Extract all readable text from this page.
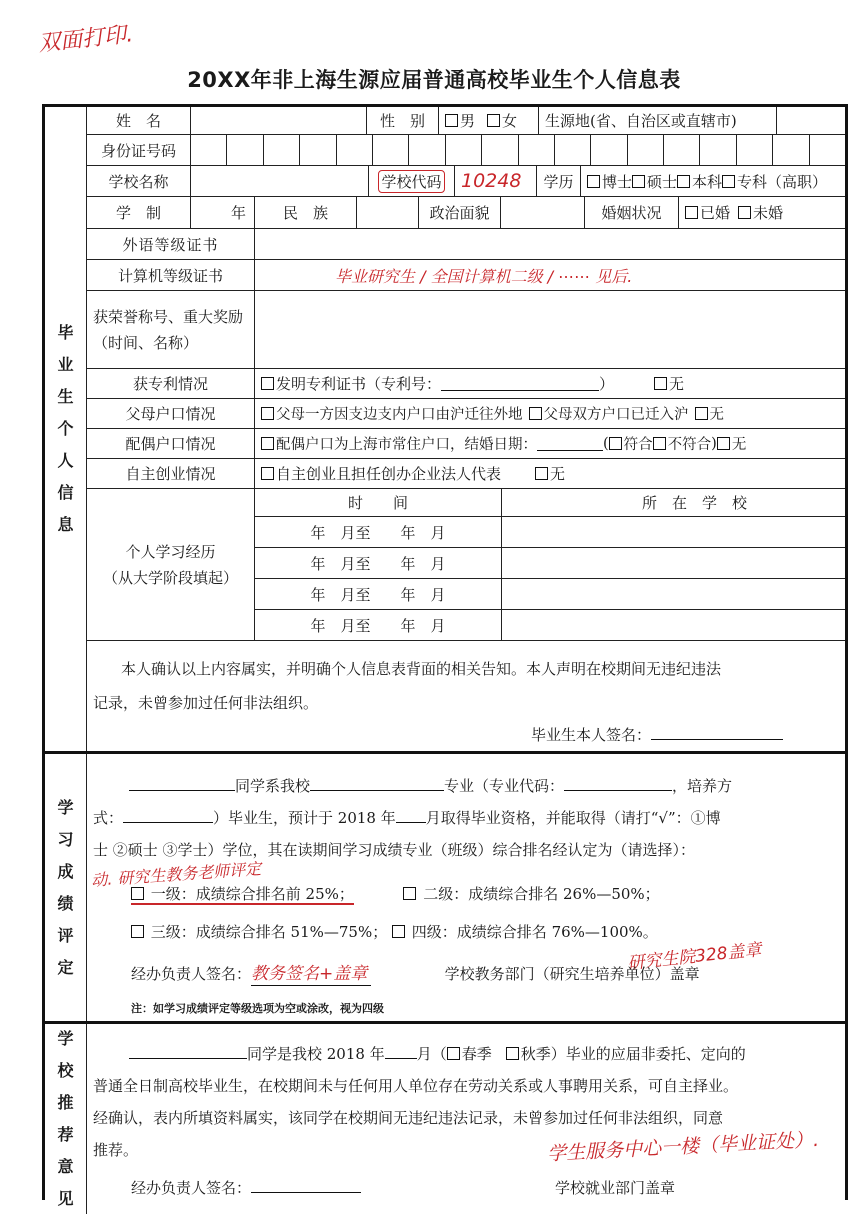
双面打印.
20XX年非上海生源应届普通高校毕业生个人信息表
毕
业
生
个
人
信
息
姓　名	性　别	男 女	生源地(省、自治区或直辖市)
身份证号码
学校名称	学校代码	10248	学历	博士 硕士 本科 专科（高职）
学　制	年	民　族	政治面貌	婚姻状况	已婚 未婚
外语等级证书
计算机等级证书	毕业研究生 / 全国计算机二级 / ⋯⋯ 见后.
获荣誉称号、重大奖励（时间、名称）
获专利情况	发明专利证书（专利号：	）	无
父母户口情况	父母一方因支边支内户口由沪迁往外地 父母双方户口已迁入沪 无
配偶户口情况	配偶户口为上海市常住户口，结婚日期：	( 符合 不符合 ) 无
自主创业情况	自主创业且担任创办企业法人代表	无
个人学习经历
（从大学阶段填起）
时　　间	所　在　学　校
年　月至　　年　月
年　月至　　年　月
年　月至　　年　月
年　月至　　年　月
本人确认以上内容属实，并明确个人信息表背面的相关告知。本人声明在校期间无违纪违法
记录，未曾参加过任何非法组织。
毕业生本人签名：
学
习
成
绩
评
定
同学系我校	专业（专业代码：	，培养方
式：	）毕业生，预计于 2018 年 月取得毕业资格，并能取得（请打“√”：①博
士 ②硕士 ③学士）学位，其在读期间学习成绩专业（班级）综合排名经认定为（请选择）：
动. 研究生教务老师评定
一级：成绩综合排名前 25%；	二级：成绩综合排名 26%—50%；
三级：成绩综合排名 51%—75%； 四级：成绩综合排名 76%—100%。
研究生院328盖章
经办负责人签名：教务签名+盖章	学校教务部门（研究生培养单位）盖章
注：如学习成绩评定等级选项为空或涂改，视为四级
学
校
推
荐
意
见
同学是我校 2018 年 月（ 春季 秋季）毕业的应届非委托、定向的
普通全日制高校毕业生，在校期间未与任何用人单位存在劳动关系或人事聘用关系，可自主择业。
经确认，表内所填资料属实，该同学在校期间无违纪违法记录，未曾参加过任何非法组织，同意
推荐。	学生服务中心一楼（毕业证处）.
经办负责人签名：	学校就业部门盖章
